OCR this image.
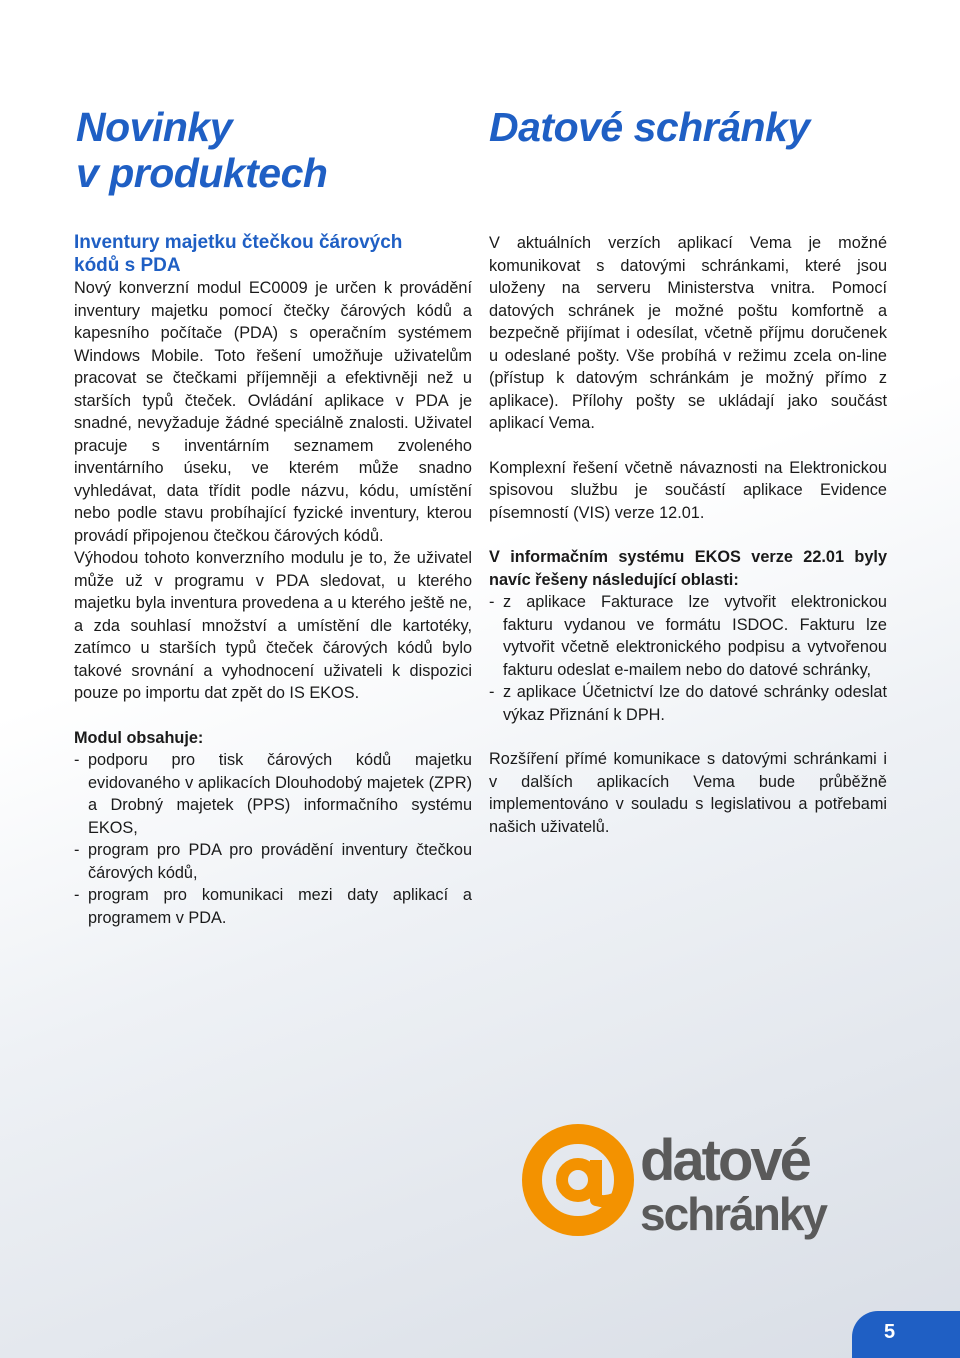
Novinky
v produktech
Datové schránky
Inventury majetku čtečkou čárových
kódů s PDA

Nový konverzní modul EC0009 je určen k provádění inventury majetku pomocí čtečky čárových kódů a kapesního počítače (PDA) s operačním systémem Windows Mobile. Toto řešení umožňuje uživatelům pracovat se čtečkami příjemněji a efektivněji než u starších typů čteček. Ovládání aplikace v PDA je snadné, nevyžaduje žádné speciálně znalosti. Uživatel pracuje s inventárním seznamem zvoleného inventárního úseku, ve kterém může snadno vyhledávat, data třídit podle názvu, kódu, umístění nebo podle stavu probíhající fyzické inventury, kterou provádí připojenou čtečkou čárových kódů.

Výhodou tohoto konverzního modulu je to, že uživatel může už v programu v PDA sledovat, u kterého majetku byla inventura provedena a u kterého ještě ne, a zda souhlasí množství a umístění dle kartotéky, zatímco u starších typů čteček čárových kódů bylo takové srovnání a vyhodnocení uživateli k dispozici pouze po importu dat zpět do IS EKOS.

Modul obsahuje:

- podporu pro tisk čárových kódů majetku evidovaného v aplikacích Dlouhodobý majetek (ZPR) a Drobný majetek (PPS) informačního systému EKOS,
- program pro PDA pro provádění inventury čtečkou čárových kódů,
- program pro komunikaci mezi daty aplikací a programem v PDA.

V aktuálních verzích aplikací Vema je možné komunikovat s datovými schránkami, které jsou uloženy na serveru Ministerstva vnitra. Pomocí datových schránek je možné poštu komfortně a bezpečně přijímat i odesílat, včetně příjmu doručenek u odeslané pošty. Vše probíhá v režimu zcela on-line (přístup k datovým schránkám je možný přímo z aplikace). Přílohy pošty se ukládají jako součást aplikací Vema.

Komplexní řešení včetně návaznosti na Elektronickou spisovou službu je součástí aplikace Evidence písemností (VIS) verze 12.01.

V informačním systému EKOS verze 22.01 byly navíc řešeny následující oblasti:

- z aplikace Fakturace lze vytvořit elektronickou fakturu vydanou ve formátu ISDOC. Fakturu lze vytvořit včetně elektronického podpisu a vytvořenou fakturu odeslat e-mailem nebo do datové schránky,
- z aplikace Účetnictví lze do datové schránky odeslat výkaz Přiznání k DPH.

Rozšíření přímé komunikace s datovými schránkami i v dalších aplikacích Vema bude průběžně implementováno v souladu s legislativou a potřebami našich uživatelů.

datové
schránky
5
